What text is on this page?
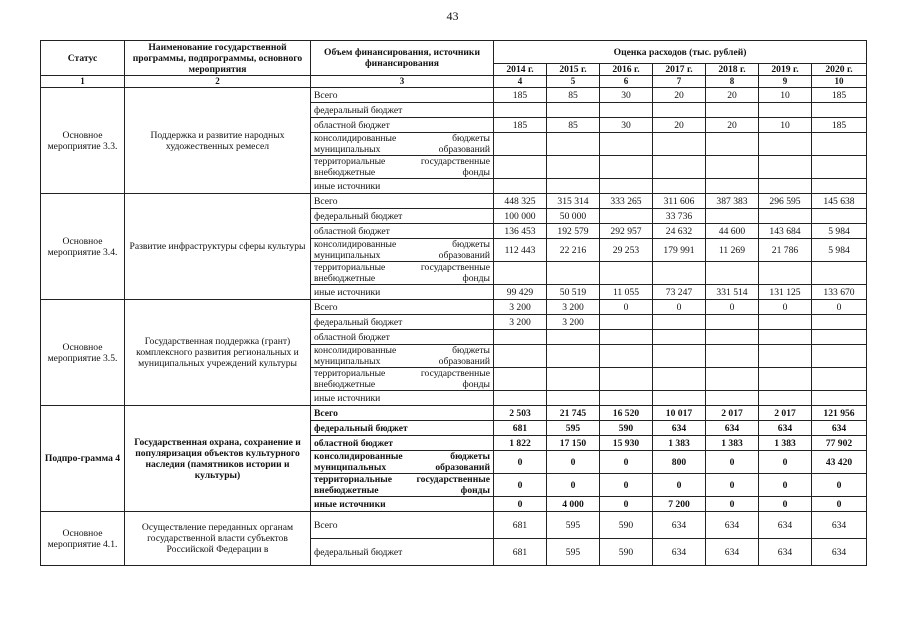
43
Статус	Наименование государственной программы, подпрограммы, основного мероприятия	Объем финансирования, источники финансирования	Оценка расходов (тыс. рублей)						
			2014 г.	2015 г.	2016 г.	2017 г.	2018 г.	2019 г.	2020 г.
1	2	3	4	5	6	7	8	9	10
Основное мероприятие 3.3.	Поддержка и развитие народных художественных ремесел	Всего	185	85	30	20	20	10	185
		федеральный бюджет							
		областной бюджет	185	85	30	20	20	10	185
		консолидированные бюджеты муниципальных образований							
		территориальные государственные внебюджетные фонды							
		иные источники							
Основное мероприятие 3.4.	Развитие инфраструктуры сферы культуры	Всего	448 325	315 314	333 265	311 606	387 383	296 595	145 638
		федеральный бюджет	100 000	50 000		33 736			
		областной бюджет	136 453	192 579	292 957	24 632	44 600	143 684	5 984
		консолидированные бюджеты муниципальных образований	112 443	22 216	29 253	179 991	11 269	21 786	5 984
		территориальные государственные внебюджетные фонды							
		иные источники	99 429	50 519	11 055	73 247	331 514	131 125	133 670
Основное мероприятие 3.5.	Государственная поддержка (грант) комплексного развития региональных и муниципальных учреждений культуры	Всего	3 200	3 200	0	0	0	0	0
		федеральный бюджет	3 200	3 200					
		областной бюджет							
		консолидированные бюджеты муниципальных образований							
		территориальные государственные внебюджетные фонды							
		иные источники							
Подпро-грамма 4	Государственная охрана, сохранение и популяризация объектов культурного наследия (памятников истории и культуры)	Всего	2 503	21 745	16 520	10 017	2 017	2 017	121 956
		федеральный бюджет	681	595	590	634	634	634	634
		областной бюджет	1 822	17 150	15 930	1 383	1 383	1 383	77 902
		консолидированные бюджеты муниципальных образований	0	0	0	800	0	0	43 420
		территориальные государственные внебюджетные фонды	0	0	0	0	0	0	0
		иные источники	0	4 000	0	7 200	0	0	0
Основное мероприятие 4.1.	Осуществление переданных органам государственной власти субъектов Российской Федерации в	Всего	681	595	590	634	634	634	634
		федеральный бюджет	681	595	590	634	634	634	634
